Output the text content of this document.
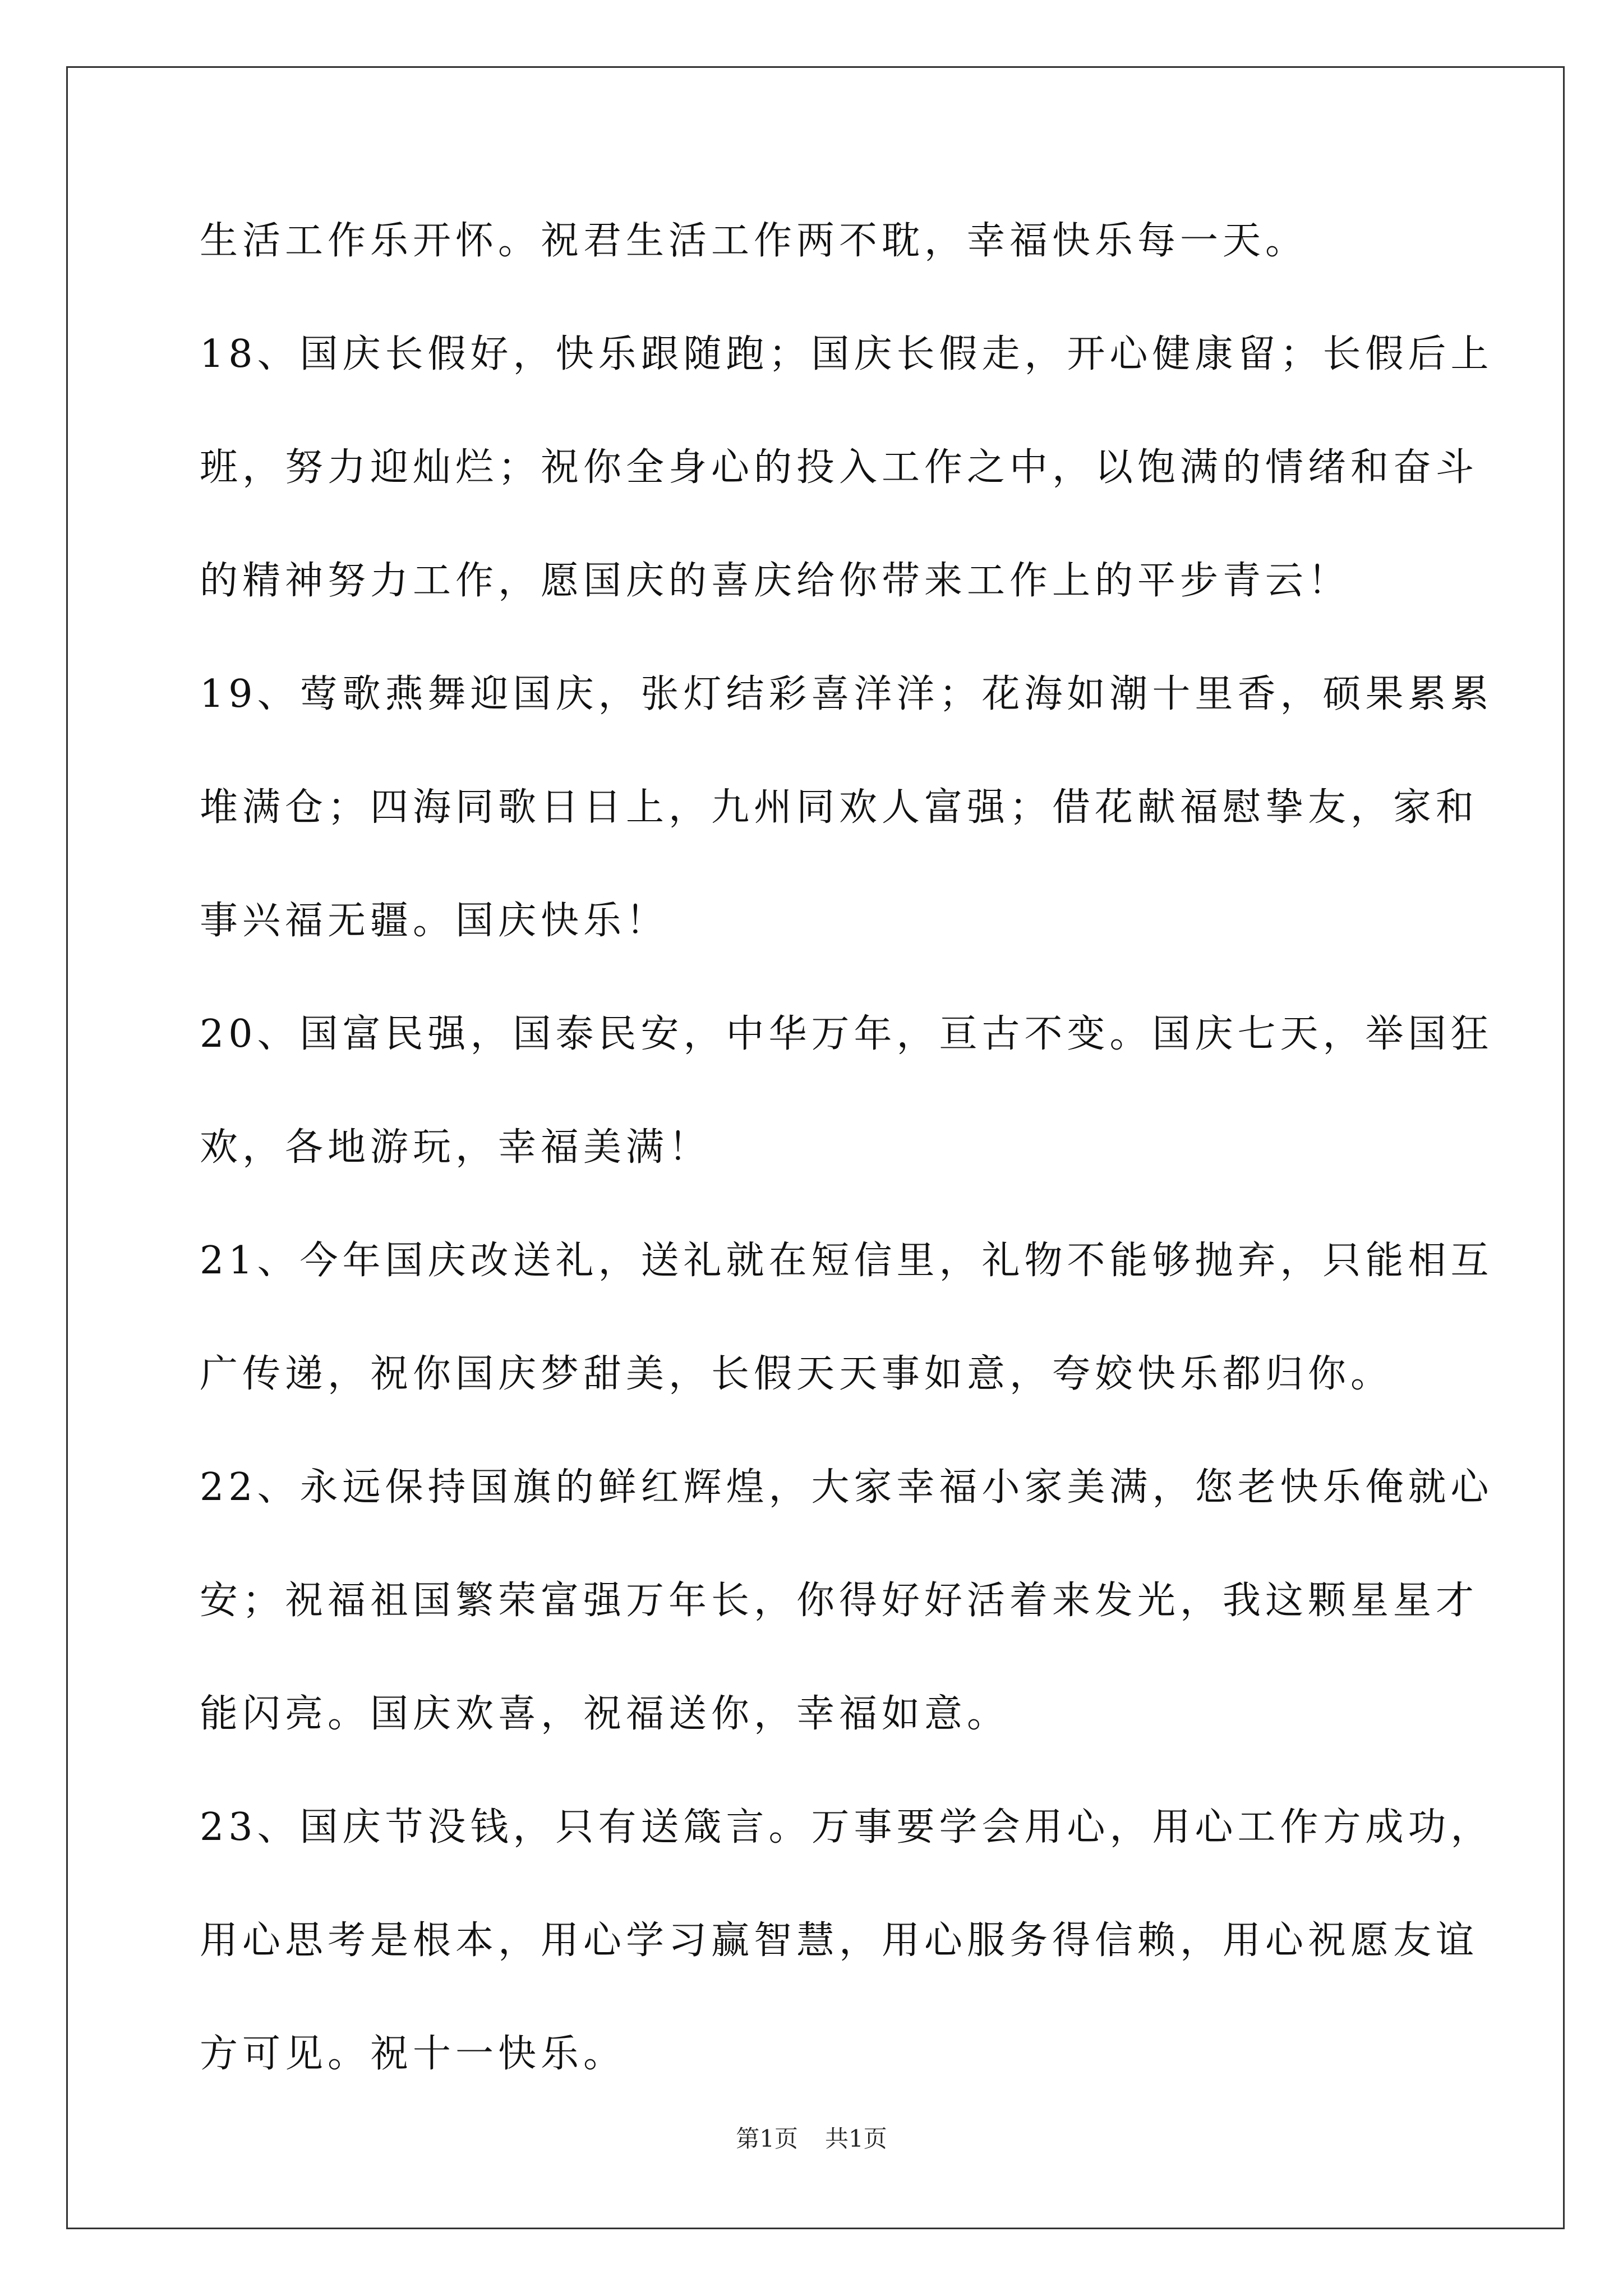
生活工作乐开怀。祝君生活工作两不耽，幸福快乐每一天。
18、国庆长假好，快乐跟随跑；国庆长假走，开心健康留；长假后上
班，努力迎灿烂；祝你全身心的投入工作之中，以饱满的情绪和奋斗
的精神努力工作，愿国庆的喜庆给你带来工作上的平步青云！
19、莺歌燕舞迎国庆，张灯结彩喜洋洋；花海如潮十里香，硕果累累
堆满仓；四海同歌日日上，九州同欢人富强；借花献福慰挚友，家和
事兴福无疆。国庆快乐！
20、国富民强，国泰民安，中华万年，亘古不变。国庆七天，举国狂
欢，各地游玩，幸福美满！
21、今年国庆改送礼，送礼就在短信里，礼物不能够抛弃，只能相互
广传递，祝你国庆梦甜美，长假天天事如意，夸姣快乐都归你。
22、永远保持国旗的鲜红辉煌，大家幸福小家美满，您老快乐俺就心
安；祝福祖国繁荣富强万年长，你得好好活着来发光，我这颗星星才
能闪亮。国庆欢喜，祝福送你，幸福如意。
23、国庆节没钱，只有送箴言。万事要学会用心，用心工作方成功，
用心思考是根本，用心学习赢智慧，用心服务得信赖，用心祝愿友谊
方可见。祝十一快乐。
第1页 共1页
